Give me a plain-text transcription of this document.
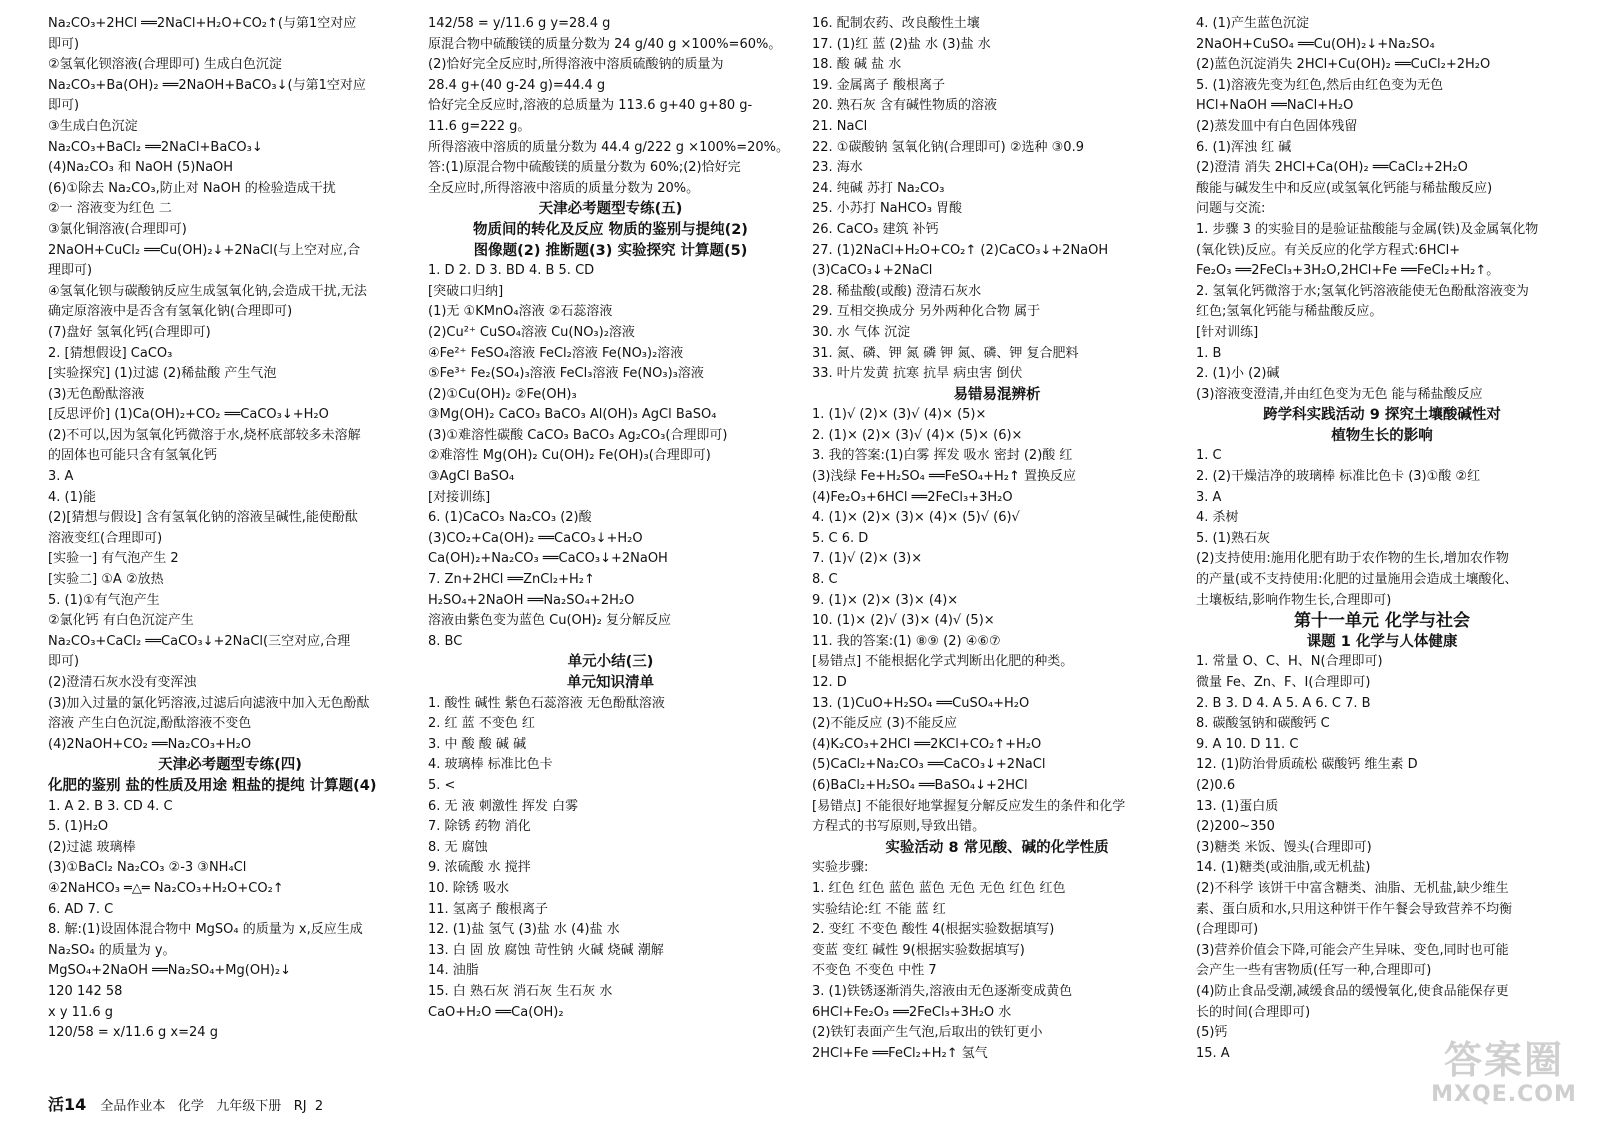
Na₂CO₃+2HCl ══2NaCl+H₂O+CO₂↑(与第1空对应
即可)
②氢氧化钡溶液(合理即可) 生成白色沉淀
Na₂CO₃+Ba(OH)₂ ══2NaOH+BaCO₃↓(与第1空对应
即可)
③生成白色沉淀
Na₂CO₃+BaCl₂ ══2NaCl+BaCO₃↓
(4)Na₂CO₃ 和 NaOH (5)NaOH
(6)①除去 Na₂CO₃,防止对 NaOH 的检验造成干扰
②一 溶液变为红色 二
③氯化铜溶液(合理即可)
2NaOH+CuCl₂ ══Cu(OH)₂↓+2NaCl(与上空对应,合
理即可)
④氢氧化钡与碳酸钠反应生成氢氧化钠,会造成干扰,无法
确定原溶液中是否含有氢氧化钠(合理即可)
(7)盘好 氢氧化钙(合理即可)
2. [猜想假设] CaCO₃
[实验探究] (1)过滤 (2)稀盐酸 产生气泡
(3)无色酚酞溶液
[反思评价] (1)Ca(OH)₂+CO₂ ══CaCO₃↓+H₂O
(2)不可以,因为氢氧化钙微溶于水,烧杯底部较多未溶解
的固体也可能只含有氢氧化钙
3. A
4. (1)能
(2)[猜想与假设] 含有氢氧化钠的溶液呈碱性,能使酚酞
溶液变红(合理即可)
[实验一] 有气泡产生 2
[实验二] ①A ②放热
5. (1)①有气泡产生
②氯化钙 有白色沉淀产生
Na₂CO₃+CaCl₂ ══CaCO₃↓+2NaCl(三空对应,合理
即可)
(2)澄清石灰水没有变浑浊
(3)加入过量的氯化钙溶液,过滤后向滤液中加入无色酚酞
溶液 产生白色沉淀,酚酞溶液不变色
(4)2NaOH+CO₂ ══Na₂CO₃+H₂O
天津必考题型专练(四)
化肥的鉴别 盐的性质及用途 粗盐的提纯 计算题(4)
1. A 2. B 3. CD 4. C
5. (1)H₂O
(2)过滤 玻璃棒
(3)①BaCl₂ Na₂CO₃ ②-3 ③NH₄Cl
④2NaHCO₃ ═△═ Na₂CO₃+H₂O+CO₂↑
6. AD 7. C
8. 解:(1)设固体混合物中 MgSO₄ 的质量为 x,反应生成
Na₂SO₄ 的质量为 y。
MgSO₄+2NaOH ══Na₂SO₄+Mg(OH)₂↓
120 142 58
x y 11.6 g
120/58 = x/11.6 g x=24 g
142/58 = y/11.6 g y=28.4 g
原混合物中硫酸镁的质量分数为 24 g/40 g ×100%=60%。
(2)恰好完全反应时,所得溶液中溶质硫酸钠的质量为
28.4 g+(40 g-24 g)=44.4 g
恰好完全反应时,溶液的总质量为 113.6 g+40 g+80 g-
11.6 g=222 g。
所得溶液中溶质的质量分数为 44.4 g/222 g ×100%=20%。
答:(1)原混合物中硫酸镁的质量分数为 60%;(2)恰好完
全反应时,所得溶液中溶质的质量分数为 20%。
天津必考题型专练(五)
物质间的转化及反应 物质的鉴别与提纯(2)
图像题(2) 推断题(3) 实验探究 计算题(5)
1. D 2. D 3. BD 4. B 5. CD
[突破口归纳]
(1)无 ①KMnO₄溶液 ②石蕊溶液
(2)Cu²⁺ CuSO₄溶液 Cu(NO₃)₂溶液
④Fe²⁺ FeSO₄溶液 FeCl₂溶液 Fe(NO₃)₂溶液
⑤Fe³⁺ Fe₂(SO₄)₃溶液 FeCl₃溶液 Fe(NO₃)₃溶液
(2)①Cu(OH)₂ ②Fe(OH)₃
③Mg(OH)₂ CaCO₃ BaCO₃ Al(OH)₃ AgCl BaSO₄
(3)①难溶性碳酸 CaCO₃ BaCO₃ Ag₂CO₃(合理即可)
②难溶性 Mg(OH)₂ Cu(OH)₂ Fe(OH)₃(合理即可)
③AgCl BaSO₄
[对接训练]
6. (1)CaCO₃ Na₂CO₃ (2)酸
(3)CO₂+Ca(OH)₂ ══CaCO₃↓+H₂O
Ca(OH)₂+Na₂CO₃ ══CaCO₃↓+2NaOH
7. Zn+2HCl ══ZnCl₂+H₂↑
H₂SO₄+2NaOH ══Na₂SO₄+2H₂O
溶液由紫色变为蓝色 Cu(OH)₂ 复分解反应
8. BC
单元小结(三)
单元知识清单
1. 酸性 碱性 紫色石蕊溶液 无色酚酞溶液
2. 红 蓝 不变色 红
3. 中 酸 酸 碱 碱
4. 玻璃棒 标准比色卡
5. <
6. 无 液 刺激性 挥发 白雾
7. 除锈 药物 消化
8. 无 腐蚀
9. 浓硫酸 水 搅拌
10. 除锈 吸水
11. 氢离子 酸根离子
12. (1)盐 氢气 (3)盐 水 (4)盐 水
13. 白 固 放 腐蚀 苛性钠 火碱 烧碱 潮解
14. 油脂
15. 白 熟石灰 消石灰 生石灰 水
CaO+H₂O ══Ca(OH)₂
16. 配制农药、改良酸性土壤
17. (1)红 蓝 (2)盐 水 (3)盐 水
18. 酸 碱 盐 水
19. 金属离子 酸根离子
20. 熟石灰 含有碱性物质的溶液
21. NaCl
22. ①碳酸钠 氢氧化钠(合理即可) ②选种 ③0.9
23. 海水
24. 纯碱 苏打 Na₂CO₃
25. 小苏打 NaHCO₃ 胃酸
26. CaCO₃ 建筑 补钙
27. (1)2NaCl+H₂O+CO₂↑ (2)CaCO₃↓+2NaOH
(3)CaCO₃↓+2NaCl
28. 稀盐酸(或酸) 澄清石灰水
29. 互相交换成分 另外两种化合物 属于
30. 水 气体 沉淀
31. 氮、磷、钾 氮 磷 钾 氮、磷、钾 复合肥料
33. 叶片发黄 抗寒 抗旱 病虫害 倒伏
易错易混辨析
1. (1)√ (2)× (3)√ (4)× (5)×
2. (1)× (2)× (3)√ (4)× (5)× (6)×
3. 我的答案:(1)白雾 挥发 吸水 密封 (2)酸 红
(3)浅绿 Fe+H₂SO₄ ══FeSO₄+H₂↑ 置换反应
(4)Fe₂O₃+6HCl ══2FeCl₃+3H₂O
4. (1)× (2)× (3)× (4)× (5)√ (6)√
5. C 6. D
7. (1)√ (2)× (3)×
8. C
9. (1)× (2)× (3)× (4)×
10. (1)× (2)√ (3)× (4)√ (5)×
11. 我的答案:(1) ⑧⑨ (2) ④⑥⑦
[易错点] 不能根据化学式判断出化肥的种类。
12. D
13. (1)CuO+H₂SO₄ ══CuSO₄+H₂O
(2)不能反应 (3)不能反应
(4)K₂CO₃+2HCl ══2KCl+CO₂↑+H₂O
(5)CaCl₂+Na₂CO₃ ══CaCO₃↓+2NaCl
(6)BaCl₂+H₂SO₄ ══BaSO₄↓+2HCl
[易错点] 不能很好地掌握复分解反应发生的条件和化学
方程式的书写原则,导致出错。
实验活动 8 常见酸、碱的化学性质
实验步骤:
1. 红色 红色 蓝色 蓝色 无色 无色 红色 红色
实验结论:红 不能 蓝 红
2. 变红 不变色 酸性 4(根据实验数据填写)
变蓝 变红 碱性 9(根据实验数据填写)
不变色 不变色 中性 7
3. (1)铁锈逐渐消失,溶液由无色逐渐变成黄色
6HCl+Fe₂O₃ ══2FeCl₃+3H₂O 水
(2)铁钉表面产生气泡,后取出的铁钉更小
2HCl+Fe ══FeCl₂+H₂↑ 氢气
4. (1)产生蓝色沉淀
2NaOH+CuSO₄ ══Cu(OH)₂↓+Na₂SO₄
(2)蓝色沉淀消失 2HCl+Cu(OH)₂ ══CuCl₂+2H₂O
5. (1)溶液先变为红色,然后由红色变为无色
HCl+NaOH ══NaCl+H₂O
(2)蒸发皿中有白色固体残留
6. (1)浑浊 红 碱
(2)澄清 消失 2HCl+Ca(OH)₂ ══CaCl₂+2H₂O
酸能与碱发生中和反应(或氢氧化钙能与稀盐酸反应)
问题与交流:
1. 步骤 3 的实验目的是验证盐酸能与金属(铁)及金属氧化物
(氧化铁)反应。有关反应的化学方程式:6HCl+
Fe₂O₃ ══2FeCl₃+3H₂O,2HCl+Fe ══FeCl₂+H₂↑。
2. 氢氧化钙微溶于水;氢氧化钙溶液能使无色酚酞溶液变为
红色;氢氧化钙能与稀盐酸反应。
[针对训练]
1. B
2. (1)小 (2)碱
(3)溶液变澄清,并由红色变为无色 能与稀盐酸反应
跨学科实践活动 9 探究土壤酸碱性对
植物生长的影响
1. C
2. (2)干燥洁净的玻璃棒 标准比色卡 (3)①酸 ②红
3. A
4. 杀树
5. (1)熟石灰
(2)支持使用:施用化肥有助于农作物的生长,增加农作物
的产量(或不支持使用:化肥的过量施用会造成土壤酸化、
土壤板结,影响作物生长,合理即可)
第十一单元 化学与社会
课题 1 化学与人体健康
1. 常量 O、C、H、N(合理即可)
微量 Fe、Zn、F、I(合理即可)
2. B 3. D 4. A 5. A 6. C 7. B
8. 碳酸氢钠和碳酸钙 C
9. A 10. D 11. C
12. (1)防治骨质疏松 碳酸钙 维生素 D
(2)0.6
13. (1)蛋白质
(2)200~350
(3)糖类 米饭、馒头(合理即可)
14. (1)糖类(或油脂,或无机盐)
(2)不科学 该饼干中富含糖类、油脂、无机盐,缺少维生
素、蛋白质和水,只用这种饼干作午餐会导致营养不均衡
(合理即可)
(3)营养价值会下降,可能会产生异味、变色,同时也可能
会产生一些有害物质(任写一种,合理即可)
(4)防止食品受潮,减缓食品的缓慢氧化,使食品能保存更
长的时间(合理即可)
(5)钙
15. A
活14 全品作业本 化学 九年级下册 RJ 2
答案圈
MXQE.COM
